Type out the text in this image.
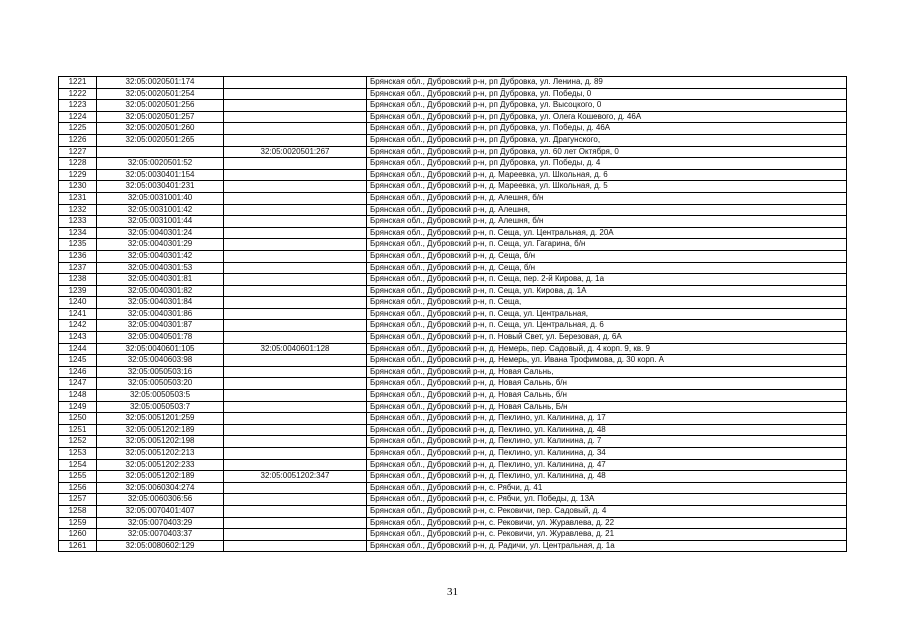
1221	32:05:0020501:174		Брянская обл., Дубровский р-н, рп Дубровка, ул. Ленина, д. 89
1222	32:05:0020501:254		Брянская обл., Дубровский р-н, рп Дубровка, ул. Победы, 0
1223	32:05:0020501:256		Брянская обл., Дубровский р-н, рп Дубровка, ул. Высоцкого, 0
1224	32:05:0020501:257		Брянская обл., Дубровский р-н, рп Дубровка, ул. Олега Кошевого, д. 46А
1225	32:05:0020501:260		Брянская обл., Дубровский р-н, рп Дубровка, ул. Победы, д. 46А
1226	32:05:0020501:265		Брянская обл., Дубровский р-н, рп Дубровка, ул. Драгунского,
1227		32:05:0020501:267	Брянская обл., Дубровский р-н, рп Дубровка, ул. 60 лет Октября, 0
1228	32:05:0020501:52		Брянская обл., Дубровский р-н, рп Дубровка, ул. Победы, д. 4
1229	32:05:0030401:154		Брянская обл., Дубровский р-н, д. Мареевка, ул. Школьная, д. 6
1230	32:05:0030401:231		Брянская обл., Дубровский р-н, д. Мареевка, ул. Школьная, д. 5
1231	32:05:0031001:40		Брянская обл., Дубровский р-н, д. Алешня, б/н
1232	32:05:0031001:42		Брянская обл., Дубровский р-н, д. Алешня,
1233	32:05:0031001:44		Брянская обл., Дубровский р-н, д. Алешня, б/н
1234	32:05:0040301:24		Брянская обл., Дубровский р-н, п. Сеща, ул. Центральная, д. 20А
1235	32:05:0040301:29		Брянская обл., Дубровский р-н, п. Сеща, ул. Гагарина, б/н
1236	32:05:0040301:42		Брянская обл., Дубровский р-н, д. Сеща, б/н
1237	32:05:0040301:53		Брянская обл., Дубровский р-н, д. Сеща, б/н
1238	32:05:0040301:81		Брянская обл., Дубровский р-н, п. Сеща, пер. 2-й Кирова, д. 1а
1239	32:05:0040301:82		Брянская обл., Дубровский р-н, п. Сеща, ул. Кирова, д. 1А
1240	32:05:0040301:84		Брянская обл., Дубровский р-н, п. Сеща,
1241	32:05:0040301:86		Брянская обл., Дубровский р-н, п. Сеща, ул. Центральная,
1242	32:05:0040301:87		Брянская обл., Дубровский р-н, п. Сеща, ул. Центральная, д. 6
1243	32:05:0040501:78		Брянская обл., Дубровский р-н, п. Новый Свет, ул. Березовая, д. 6А
1244	32:05:0040601:105	32:05:0040601:128	Брянская обл., Дубровский р-н, д. Немерь, пер. Садовый, д. 4 корп. 9, кв. 9
1245	32:05:0040603:98		Брянская обл., Дубровский р-н, д. Немерь, ул. Ивана Трофимова, д. 30 корп. А
1246	32:05:0050503:16		Брянская обл., Дубровский р-н, д. Новая Сальнь,
1247	32:05:0050503:20		Брянская обл., Дубровский р-н, д. Новая Сальнь, б/н
1248	32:05:0050503:5		Брянская обл., Дубровский р-н, д. Новая Сальнь, б/н
1249	32:05:0050503:7		Брянская обл., Дубровский р-н, д. Новая Сальнь, Б/н
1250	32:05:0051201:259		Брянская обл., Дубровский р-н, д. Пеклино, ул. Калинина, д. 17
1251	32:05:0051202:189		Брянская обл., Дубровский р-н, д. Пеклино, ул. Калинина, д. 48
1252	32:05:0051202:198		Брянская обл., Дубровский р-н, д. Пеклино, ул. Калинина, д. 7
1253	32:05:0051202:213		Брянская обл., Дубровский р-н, д. Пеклино, ул. Калинина, д. 34
1254	32:05:0051202:233		Брянская обл., Дубровский р-н, д. Пеклино, ул. Калинина, д. 47
1255	32:05:0051202:189	32:05:0051202:347	Брянская обл., Дубровский р-н, д. Пеклино, ул. Калинина, д. 48
1256	32:05:0060304:274		Брянская обл., Дубровский р-н, с. Рябчи, д. 41
1257	32:05:0060306:56		Брянская обл., Дубровский р-н, с. Рябчи, ул. Победы, д. 13А
1258	32:05:0070401:407		Брянская обл., Дубровский р-н, с. Рековичи, пер. Садовый, д. 4
1259	32:05:0070403:29		Брянская обл., Дубровский р-н, с. Рековичи, ул. Журавлева, д. 22
1260	32:05:0070403:37		Брянская обл., Дубровский р-н, с. Рековичи, ул. Журавлева, д. 21
1261	32:05:0080602:129		Брянская обл., Дубровский р-н, д. Радичи, ул. Центральная, д. 1а
31
